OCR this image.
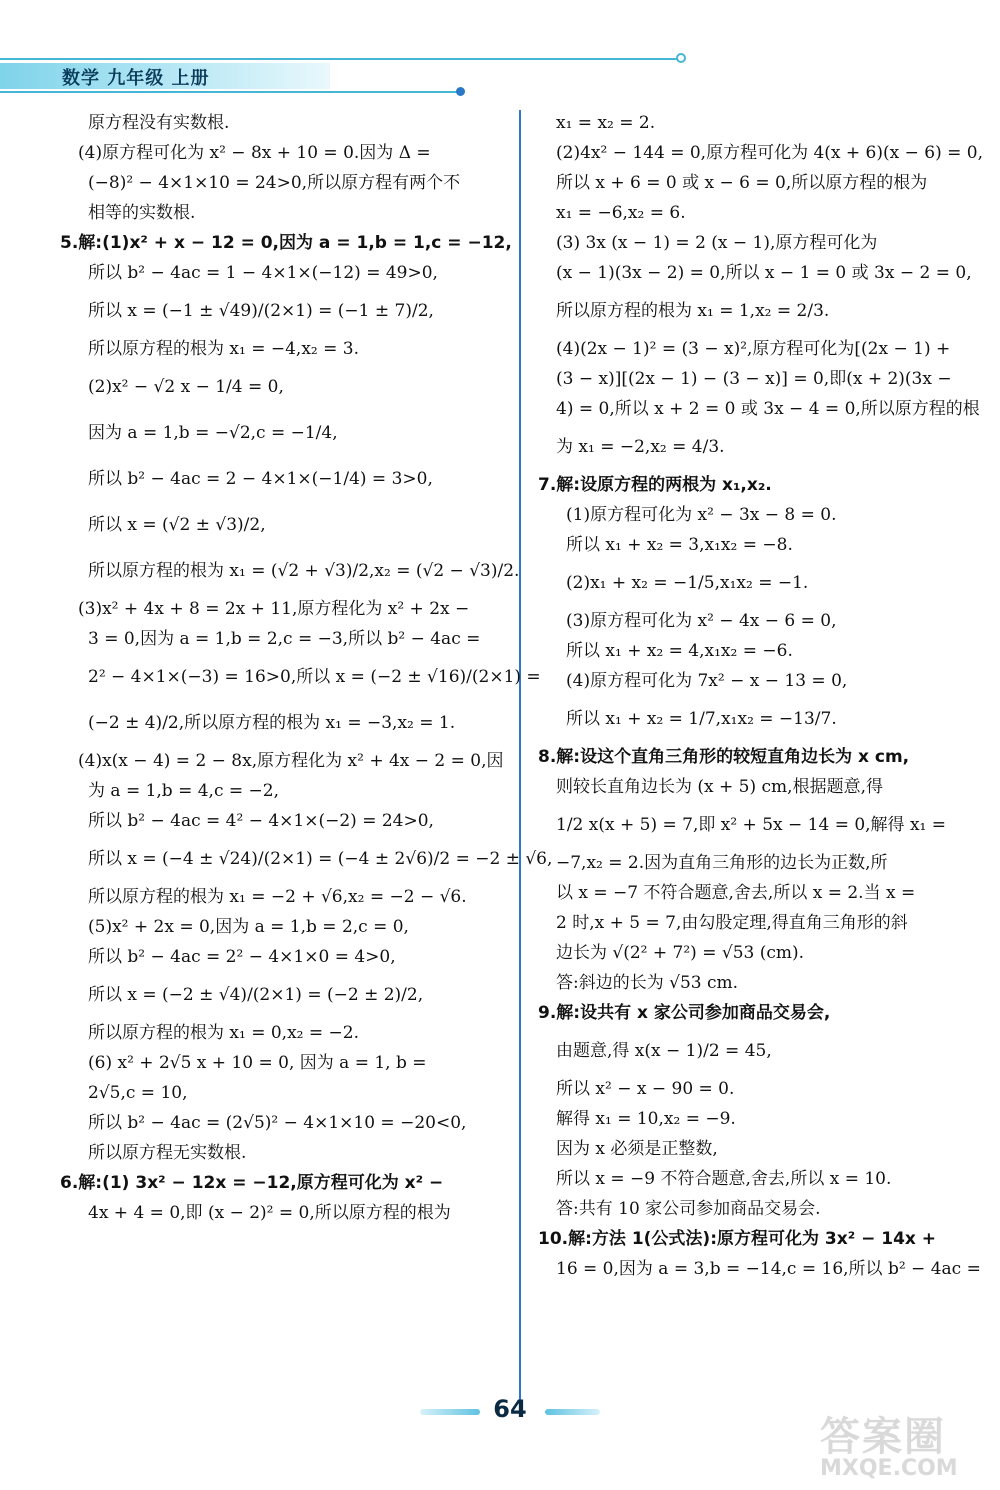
数学 九年级 上册
原方程没有实数根.
(4)原方程可化为 x² − 8x + 10 = 0.因为 Δ =
(−8)² − 4×1×10 = 24>0,所以原方程有两个不
相等的实数根.
5.解:(1)x² + x − 12 = 0,因为 a = 1,b = 1,c = −12,
所以 b² − 4ac = 1 − 4×1×(−12) = 49>0,
所以 x = (−1 ± √49)/(2×1) = (−1 ± 7)/2,
所以原方程的根为 x₁ = −4,x₂ = 3.
(2)x² − √2 x − 1/4 = 0,
因为 a = 1,b = −√2,c = −1/4,
所以 b² − 4ac = 2 − 4×1×(−1/4) = 3>0,
所以 x = (√2 ± √3)/2,
所以原方程的根为 x₁ = (√2 + √3)/2,x₂ = (√2 − √3)/2.
(3)x² + 4x + 8 = 2x + 11,原方程化为 x² + 2x −
3 = 0,因为 a = 1,b = 2,c = −3,所以 b² − 4ac =
2² − 4×1×(−3) = 16>0,所以 x = (−2 ± √16)/(2×1) =
(−2 ± 4)/2,所以原方程的根为 x₁ = −3,x₂ = 1.
(4)x(x − 4) = 2 − 8x,原方程化为 x² + 4x − 2 = 0,因
为 a = 1,b = 4,c = −2,
所以 b² − 4ac = 4² − 4×1×(−2) = 24>0,
所以 x = (−4 ± √24)/(2×1) = (−4 ± 2√6)/2 = −2 ± √6,
所以原方程的根为 x₁ = −2 + √6,x₂ = −2 − √6.
(5)x² + 2x = 0,因为 a = 1,b = 2,c = 0,
所以 b² − 4ac = 2² − 4×1×0 = 4>0,
所以 x = (−2 ± √4)/(2×1) = (−2 ± 2)/2,
所以原方程的根为 x₁ = 0,x₂ = −2.
(6) x² + 2√5 x + 10 = 0, 因为 a = 1, b =
2√5,c = 10,
所以 b² − 4ac = (2√5)² − 4×1×10 = −20<0,
所以原方程无实数根.
6.解:(1) 3x² − 12x = −12,原方程可化为 x² −
4x + 4 = 0,即 (x − 2)² = 0,所以原方程的根为
x₁ = x₂ = 2.
(2)4x² − 144 = 0,原方程可化为 4(x + 6)(x − 6) = 0,
所以 x + 6 = 0 或 x − 6 = 0,所以原方程的根为
x₁ = −6,x₂ = 6.
(3) 3x (x − 1) = 2 (x − 1),原方程可化为
(x − 1)(3x − 2) = 0,所以 x − 1 = 0 或 3x − 2 = 0,
所以原方程的根为 x₁ = 1,x₂ = 2/3.
(4)(2x − 1)² = (3 − x)²,原方程可化为[(2x − 1) +
(3 − x)][(2x − 1) − (3 − x)] = 0,即(x + 2)(3x −
4) = 0,所以 x + 2 = 0 或 3x − 4 = 0,所以原方程的根
为 x₁ = −2,x₂ = 4/3.
7.解:设原方程的两根为 x₁,x₂.
(1)原方程可化为 x² − 3x − 8 = 0.
所以 x₁ + x₂ = 3,x₁x₂ = −8.
(2)x₁ + x₂ = −1/5,x₁x₂ = −1.
(3)原方程可化为 x² − 4x − 6 = 0,
所以 x₁ + x₂ = 4,x₁x₂ = −6.
(4)原方程可化为 7x² − x − 13 = 0,
所以 x₁ + x₂ = 1/7,x₁x₂ = −13/7.
8.解:设这个直角三角形的较短直角边长为 x cm,
则较长直角边长为 (x + 5) cm,根据题意,得
1/2 x(x + 5) = 7,即 x² + 5x − 14 = 0,解得 x₁ =
−7,x₂ = 2.因为直角三角形的边长为正数,所
以 x = −7 不符合题意,舍去,所以 x = 2.当 x =
2 时,x + 5 = 7,由勾股定理,得直角三角形的斜
边长为 √(2² + 7²) = √53 (cm).
答:斜边的长为 √53 cm.
9.解:设共有 x 家公司参加商品交易会,
由题意,得 x(x − 1)/2 = 45,
所以 x² − x − 90 = 0.
解得 x₁ = 10,x₂ = −9.
因为 x 必须是正整数,
所以 x = −9 不符合题意,舍去,所以 x = 10.
答:共有 10 家公司参加商品交易会.
10.解:方法 1(公式法):原方程可化为 3x² − 14x +
16 = 0,因为 a = 3,b = −14,c = 16,所以 b² − 4ac =
64
答案圈
MXQE.COM
